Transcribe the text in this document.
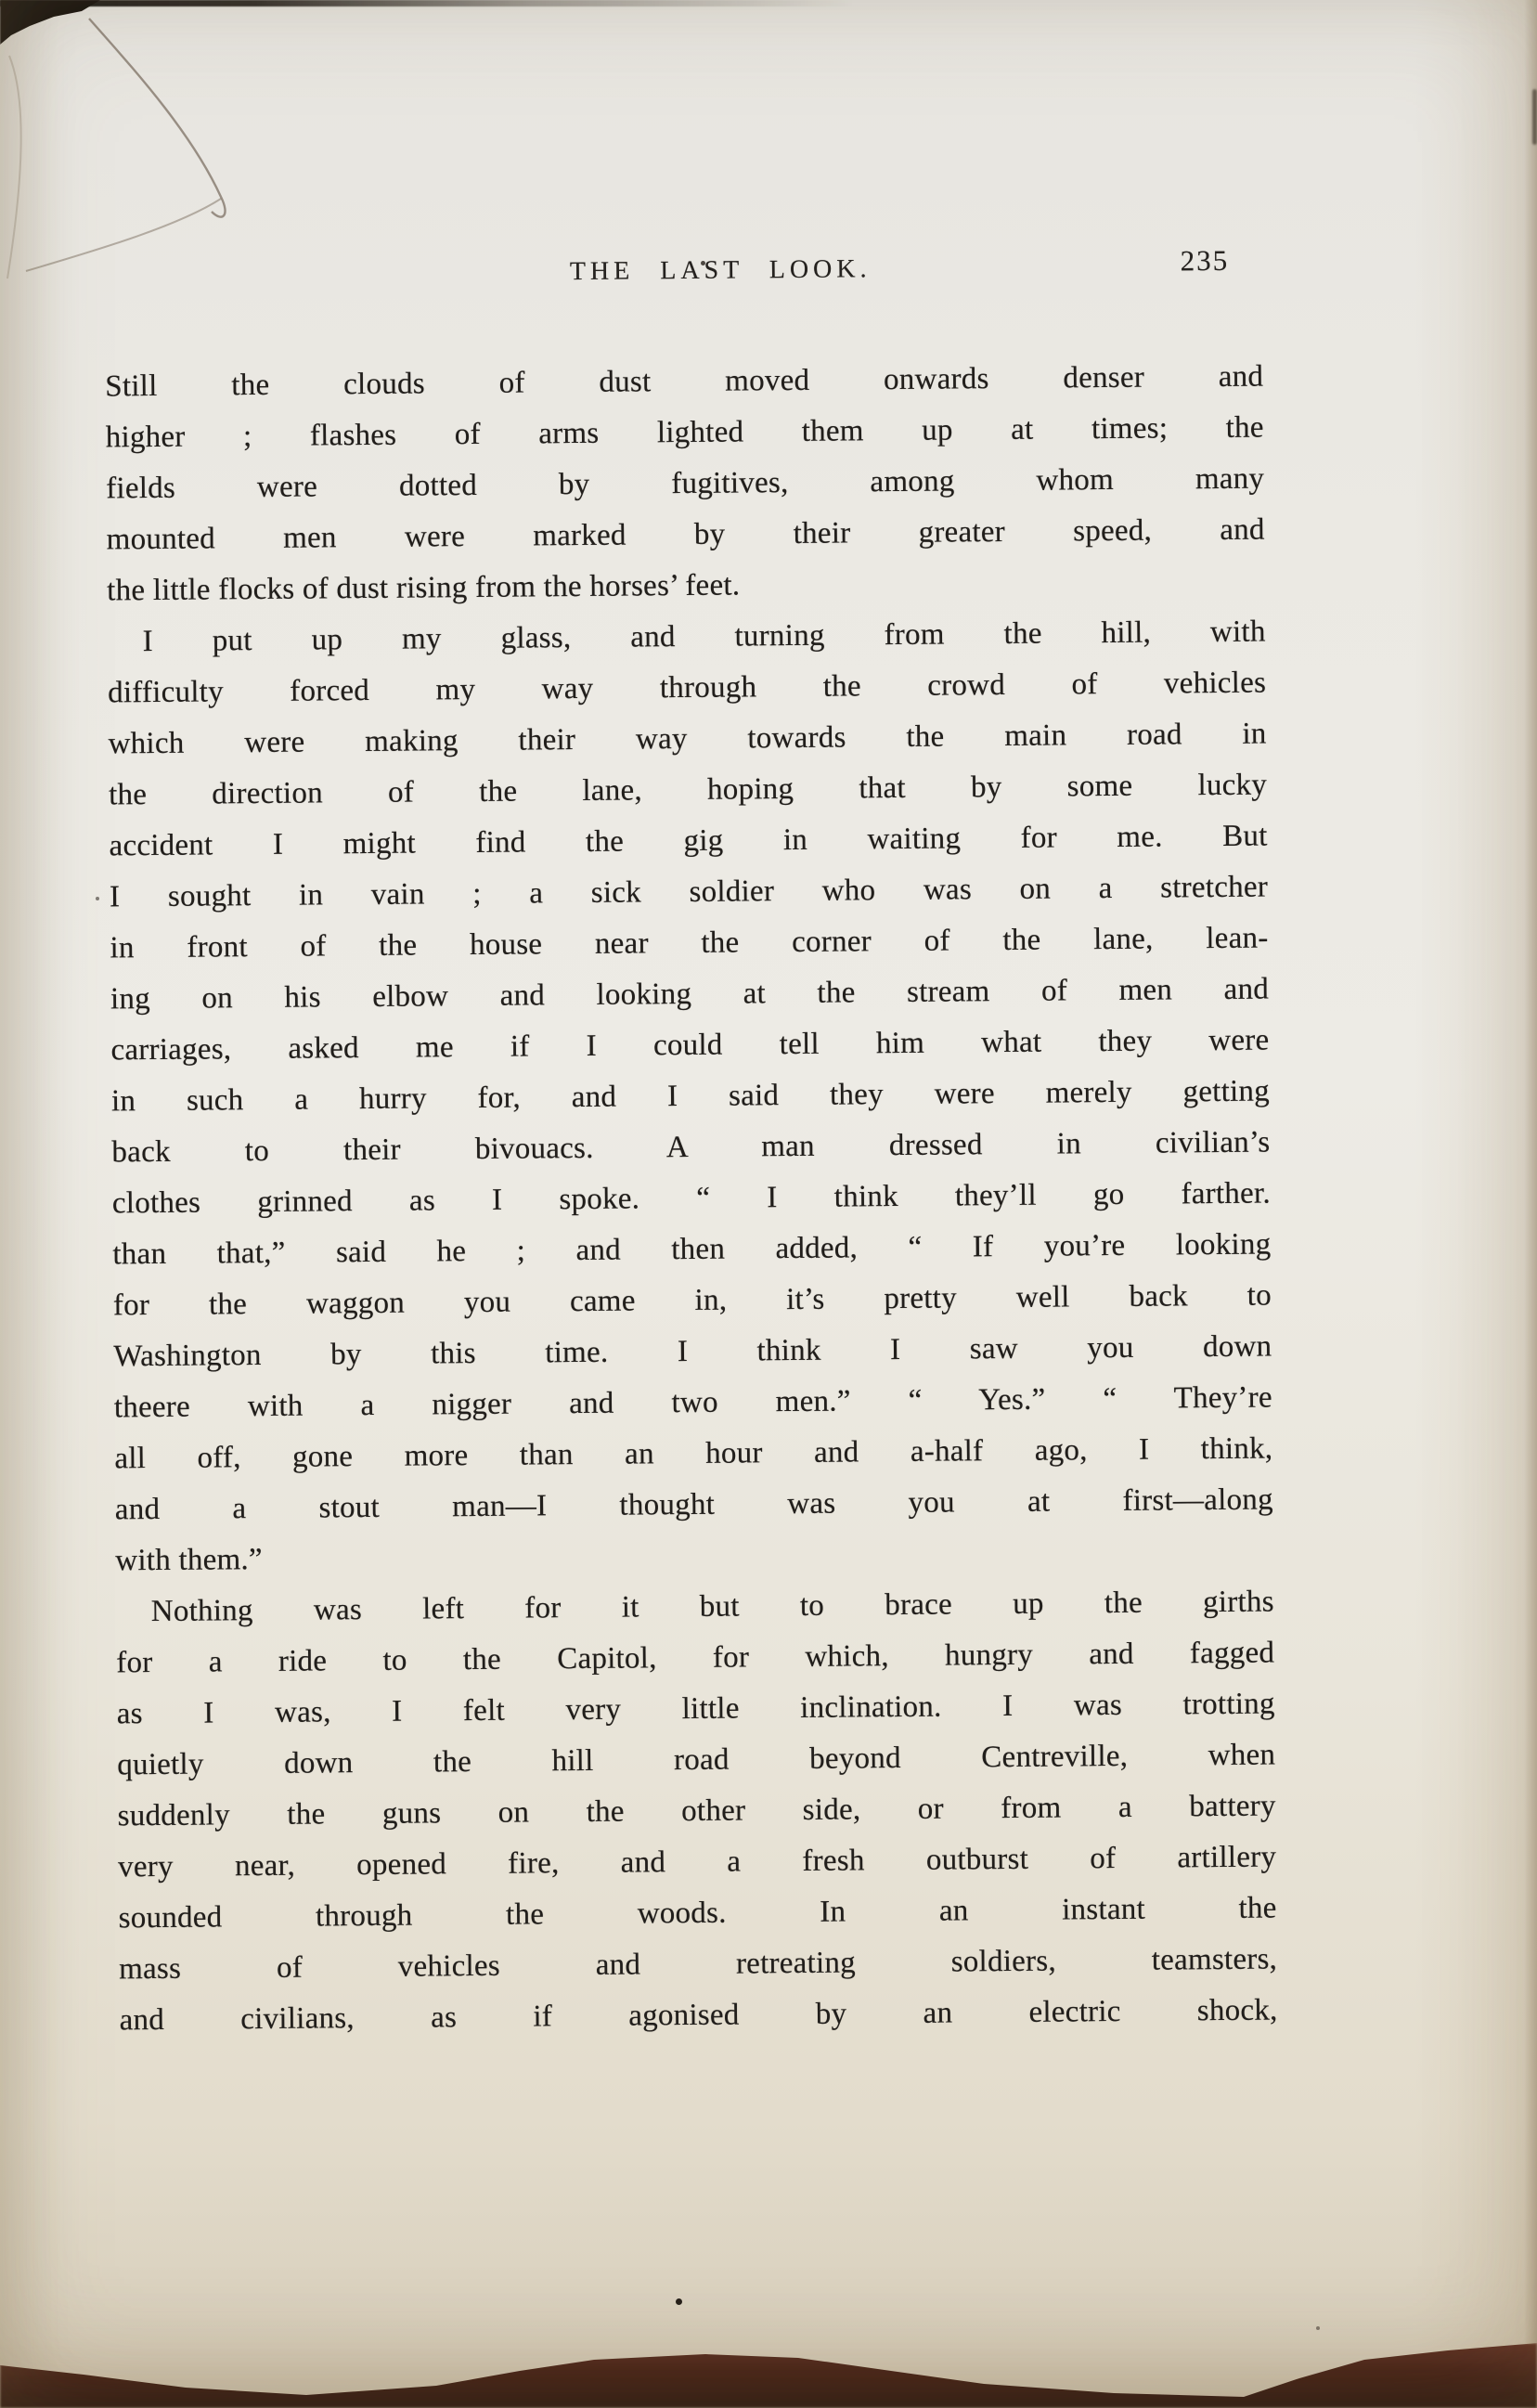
THE LAST LOOK.	235
Still the clouds of dust moved onwards denser and
higher ; flashes of arms lighted them up at times; the
fields were dotted by fugitives, among whom many
mounted men were marked by their greater speed, and
the little flocks of dust rising from the horses’ feet.
I put up my glass, and turning from the hill, with
difficulty forced my way through the crowd of vehicles
which were making their way towards the main road in
the direction of the lane, hoping that by some lucky
accident I might find the gig in waiting for me. But
I sought in vain ; a sick soldier who was on a stretcher
in front of the house near the corner of the lane, lean-
ing on his elbow and looking at the stream of men and
carriages, asked me if I could tell him what they were
in such a hurry for, and I said they were merely getting
back to their bivouacs. A man dressed in civilian’s
clothes grinned as I spoke. “ I think they’ll go farther.
than that,” said he ; and then added, “ If you’re looking
for the waggon you came in, it’s pretty well back to
Washington by this time. I think I saw you down
theere with a nigger and two men.” “ Yes.” “ They’re
all off, gone more than an hour and a-half ago, I think,
and a stout man—I thought was you at first—along
with them.”
Nothing was left for it but to brace up the girths
for a ride to the Capitol, for which, hungry and fagged
as I was, I felt very little inclination. I was trotting
quietly down the hill road beyond Centreville, when
suddenly the guns on the other side, or from a battery
very near, opened fire, and a fresh outburst of artillery
sounded through the woods. In an instant the
mass of vehicles and retreating soldiers, teamsters,
and civilians, as if agonised by an electric shock,
